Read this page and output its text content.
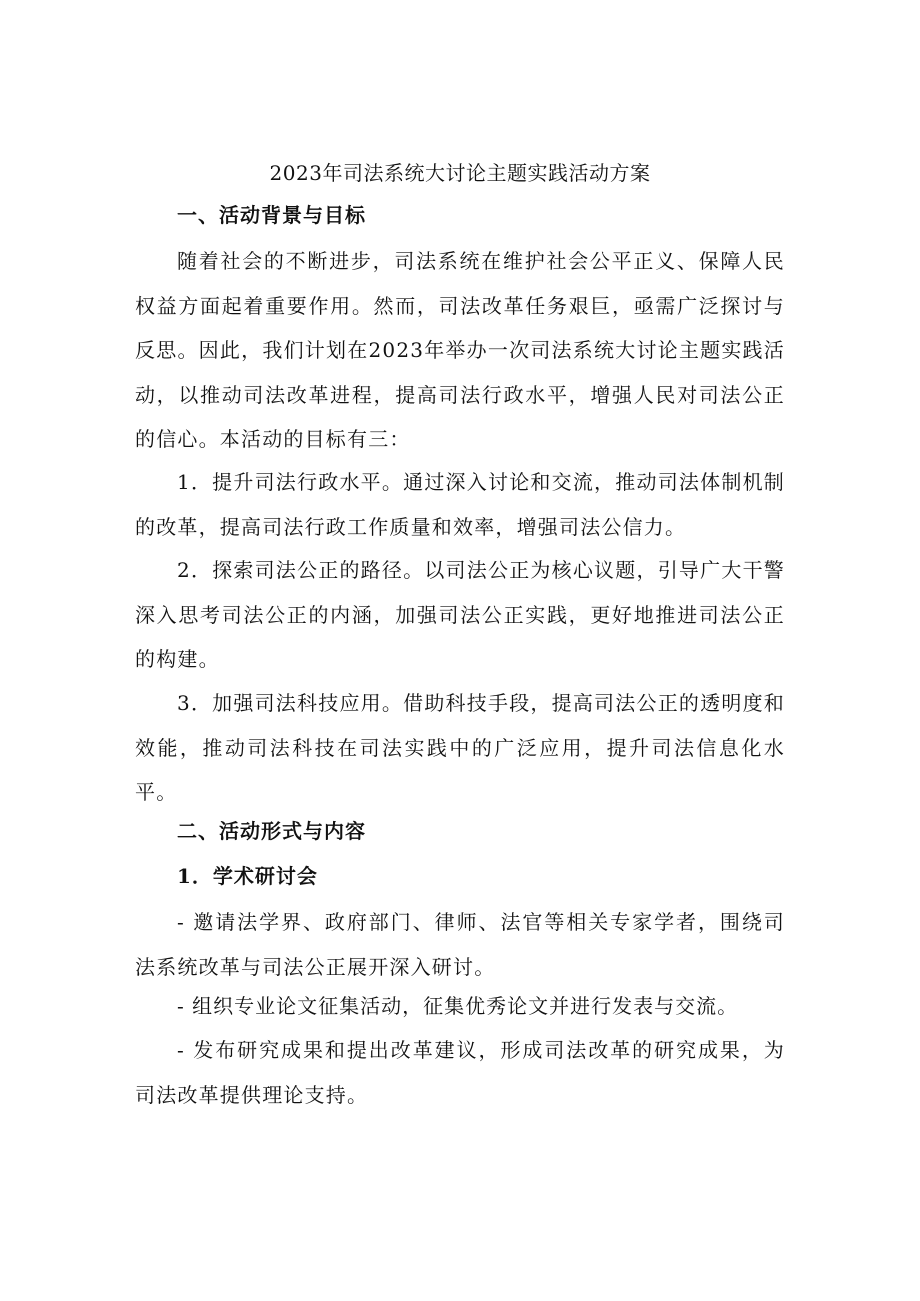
2023年司法系统大讨论主题实践活动方案
一、活动背景与目标

随着社会的不断进步，司法系统在维护社会公平正义、保障人民权益方面起着重要作用。然而，司法改革任务艰巨，亟需广泛探讨与反思。因此，我们计划在2023年举办一次司法系统大讨论主题实践活动，以推动司法改革进程，提高司法行政水平，增强人民对司法公正的信心。本活动的目标有三：

1．提升司法行政水平。通过深入讨论和交流，推动司法体制机制的改革，提高司法行政工作质量和效率，增强司法公信力。

2．探索司法公正的路径。以司法公正为核心议题，引导广大干警深入思考司法公正的内涵，加强司法公正实践，更好地推进司法公正的构建。

3．加强司法科技应用。借助科技手段，提高司法公正的透明度和效能，推动司法科技在司法实践中的广泛应用，提升司法信息化水平。

二、活动形式与内容
1．学术研讨会

- 邀请法学界、政府部门、律师、法官等相关专家学者，围绕司法系统改革与司法公正展开深入研讨。

- 组织专业论文征集活动，征集优秀论文并进行发表与交流。

- 发布研究成果和提出改革建议，形成司法改革的研究成果，为司法改革提供理论支持。
